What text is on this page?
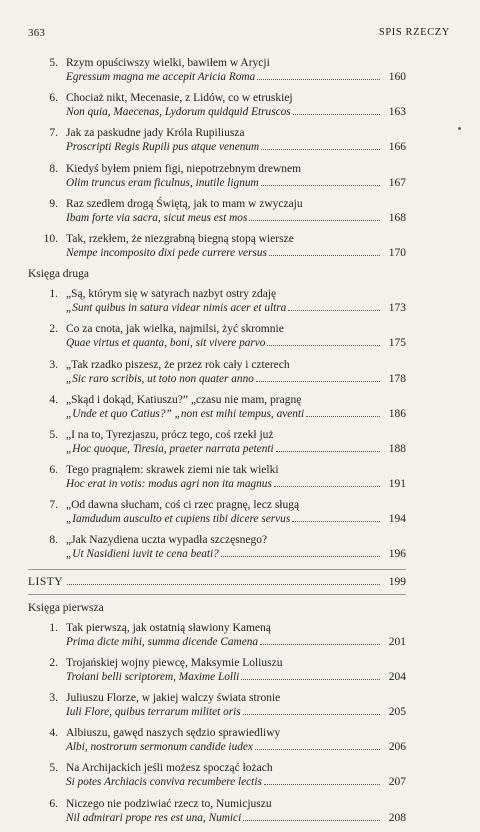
363	SPIS RZECZY
5. Rzym opuściwszy wielki, bawiłem w Arycji
Egressum magna me accepit Aricia Roma	160
6. Chociaż nikt, Mecenasie, z Lidów, co w etruskiej
Non quia, Maecenas, Lydorum quidquid Etruscos	163
7. Jak za paskudne jady Króla Rupiliusza
Proscripti Regis Rupili pus atque venenum	166
8. Kiedyś byłem pniem figi, niepotrzebnym drewnem
Olim truncus eram ficulnus, inutile lignum	167
9. Raz szedłem drogą Świętą, jak to mam w zwyczaju
Ibam forte via sacra, sicut meus est mos	168
10. Tak, rzekłem, że niezgrabną biegną stopą wiersze
Nempe incomposito dixi pede currere versus	170
Księga druga
1. „Są, którym się w satyrach nazbyt ostry zdaję
„Sunt quibus in satura videar nimis acer et ultra	173
2. Co za cnota, jak wielka, najmilsi, żyć skromnie
Quae virtus et quanta, boni, sit vivere parvo	175
3. „Tak rzadko piszesz, że przez rok cały i czterech
„Sic raro scribis, ut toto non quater anno	178
4. „Skąd i dokąd, Katiuszu?” „czasu nie mam, pragnę
„Unde et quo Catius?” „non est mihi tempus, aventi	186
5. „I na to, Tyrezjaszu, prócz tego, coś rzekł już
„Hoc quoque, Tiresia, praeter narrata petenti	188
6. Tego pragnąłem: skrawek ziemi nie tak wielki
Hoc erat in votis: modus agri non ita magnus	191
7. „Od dawna słucham, coś ci rzec pragnę, lecz sługą
„Iamdudum ausculto et cupiens tibi dicere servus	194
8. „Jak Nazydiena uczta wypadła szczęsnego?
„Ut Nasidieni iuvit te cena beati?	196
LISTY	199
Księga pierwsza
1. Tak pierwszą, jak ostatnią sławiony Kameną
Prima dicte mihi, summa dicende Camena	201
2. Trojańskiej wojny piewcę, Maksymie Loliuszu
Troiani belli scriptorem, Maxime Lolli	204
3. Juliuszu Florze, w jakiej walczy świata stronie
Iuli Flore, quibus terrarum militet oris	205
4. Albiuszu, gawęd naszych sędzio sprawiedliwy
Albi, nostrorum sermonum candide iudex	206
5. Na Archijackich jeśli możesz spocząć łożach
Si potes Archiacis conviva recumbere lectis	207
6. Niczego nie podziwiać rzecz to, Numicjuszu
Nil admirari prope res est una, Numici	208
